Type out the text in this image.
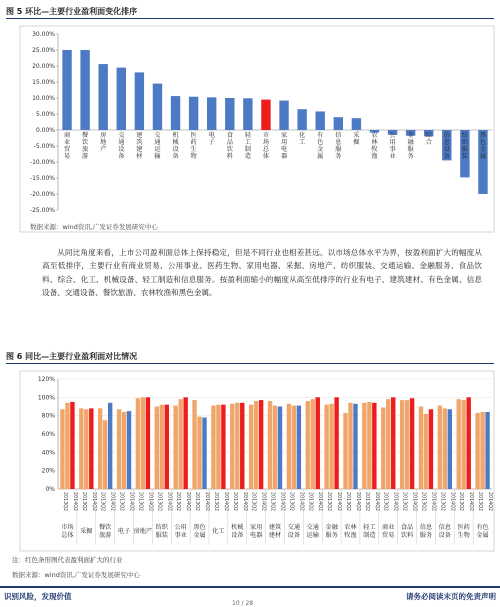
图 5 环比—主要行业盈利面变化排序
30.00%
25.00%
20.00%
15.00%
10.00%
5.00%
0.00%
-5.00%
-10.00%
-15.00%
-20.00%
-25.00%
商业贸易
餐饮旅游
房地产
交通设备
建筑建材
交通运输
机械设备
医药生物
电子
食品饮料
轻工制造
市场总体
家用电器
化工
有色金属
信息服务
采掘
农林牧渔
公用事业
金融服务
综合
信息设备
纺织服装
黑色金属
数据来源：wind资讯,广发证券发展研究中心

从同比角度来看，上市公司盈利面总体上保持稳定，但是不同行业也相差甚远。以市场总体水平为界，按盈利面扩大的幅度从高至低排序，主要行业有商业贸易、公用事业、医药生物、家用电器、采掘、房地产、纺织服装、交通运输、金融服务、食品饮料、综合、化工、机械设备、轻工制造和信息服务。按盈利面缩小的幅度从高至低排序的行业有电子、建筑建材、有色金属、信息设备、交通设备、餐饮旅游、农林牧渔和黑色金属。

图 6 同比—主要行业盈利面对比情况
120%
100%
80%
60%
40%
20%
0%
2013Q2 2014Q2
市场总体
2013Q2 2014Q2
采掘
2013Q2 2014Q2
餐饮旅游
2013Q2 2014Q2
电子
2013Q2 2014Q2
房地产
2013Q2 2014Q2
纺织服装
2013Q2 2014Q2
公用事业
2013Q2 2014Q2
黑色金属
2013Q2 2014Q2
化工
2013Q2 2014Q2
机械设备
2013Q2 2014Q2
家用电器
2013Q2 2014Q2
建筑建材
2013Q2 2014Q2
交通设备
2013Q2 2014Q2
交通运输
2013Q2 2014Q2
金融服务
2013Q2 2014Q2
农林牧渔
2013Q2 2014Q2
轻工制造
2013Q2 2014Q2
商业贸易
2013Q2 2014Q2
食品饮料
2013Q2 2014Q2
信息服务
2013Q2 2014Q2
信息设备
2013Q2 2014Q2
医药生物
2013Q2 2014Q2
有色金属
注：红色条形图代表盈利面扩大的行业
数据来源：wind资讯,广发证券发展研究中心
识别风险，发现价值	请务必阅读末页的免责声明
10 / 28
